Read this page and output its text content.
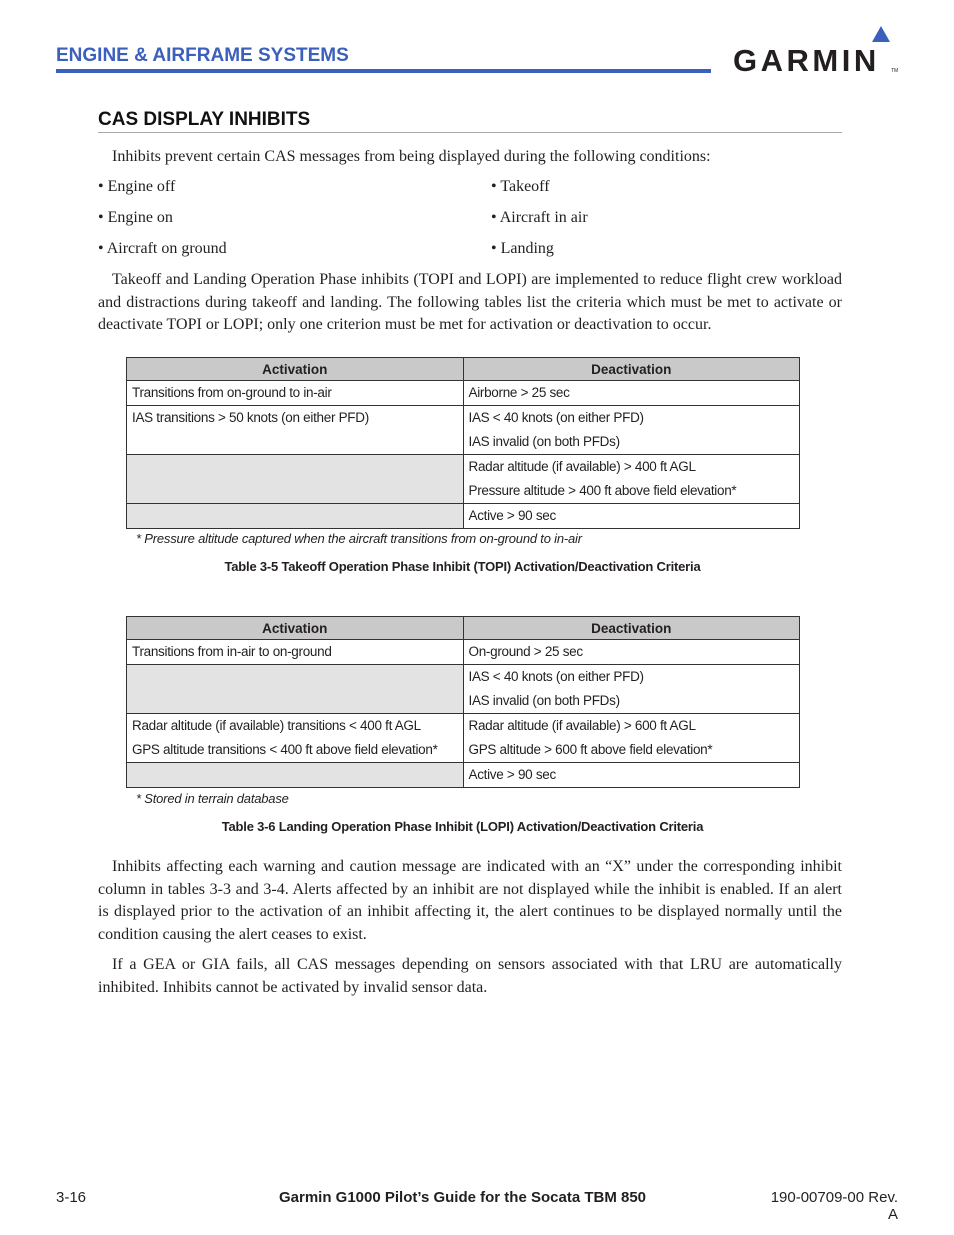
ENGINE & AIRFRAME SYSTEMS	GARMIN TM
CAS DISPLAY INHIBITS

Inhibits prevent certain CAS messages from being displayed during the following conditions:

• Engine off
• Engine on
• Aircraft on ground
• Takeoff
• Aircraft in air
• Landing

Takeoff and Landing Operation Phase inhibits (TOPI and LOPI) are implemented to reduce flight crew workload and distractions during takeoff and landing. The following tables list the criteria which must be met to activate or deactivate TOPI or LOPI; only one criterion must be met for activation or deactivation to occur.

Activation	Deactivation

Transitions from on-ground to in-air	Airborne > 25 sec

IAS transitions > 50 knots (on either PFD)	IAS < 40 knots (on either PFD)
IAS invalid (on both PFDs)

	Radar altitude (if available) > 400 ft AGL
Pressure altitude > 400 ft above field elevation*

	Active > 90 sec
* Pressure altitude captured when the aircraft transitions from on-ground to in-air
Table 3-5 Takeoff Operation Phase Inhibit (TOPI) Activation/Deactivation Criteria
Activation	Deactivation

Transitions from in-air to on-ground	On-ground > 25 sec

	IAS < 40 knots (on either PFD)
IAS invalid (on both PFDs)

Radar altitude (if available) transitions < 400 ft AGL
GPS altitude transitions < 400 ft above field elevation*	Radar altitude (if available) > 600 ft AGL
GPS altitude > 600 ft above field elevation*

	Active > 90 sec
* Stored in terrain database
Table 3-6 Landing Operation Phase Inhibit (LOPI) Activation/Deactivation Criteria

Inhibits affecting each warning and caution message are indicated with an “X” under the corresponding inhibit column in tables 3-3 and 3-4. Alerts affected by an inhibit are not displayed while the inhibit is enabled. If an alert is displayed prior to the activation of an inhibit affecting it, the alert continues to be displayed normally until the condition causing the alert ceases to exist.

If a GEA or GIA fails, all CAS messages depending on sensors associated with that LRU are automatically inhibited. Inhibits cannot be activated by invalid sensor data.

3-16	Garmin G1000 Pilot’s Guide for the Socata TBM 850	190-00709-00 Rev. A
